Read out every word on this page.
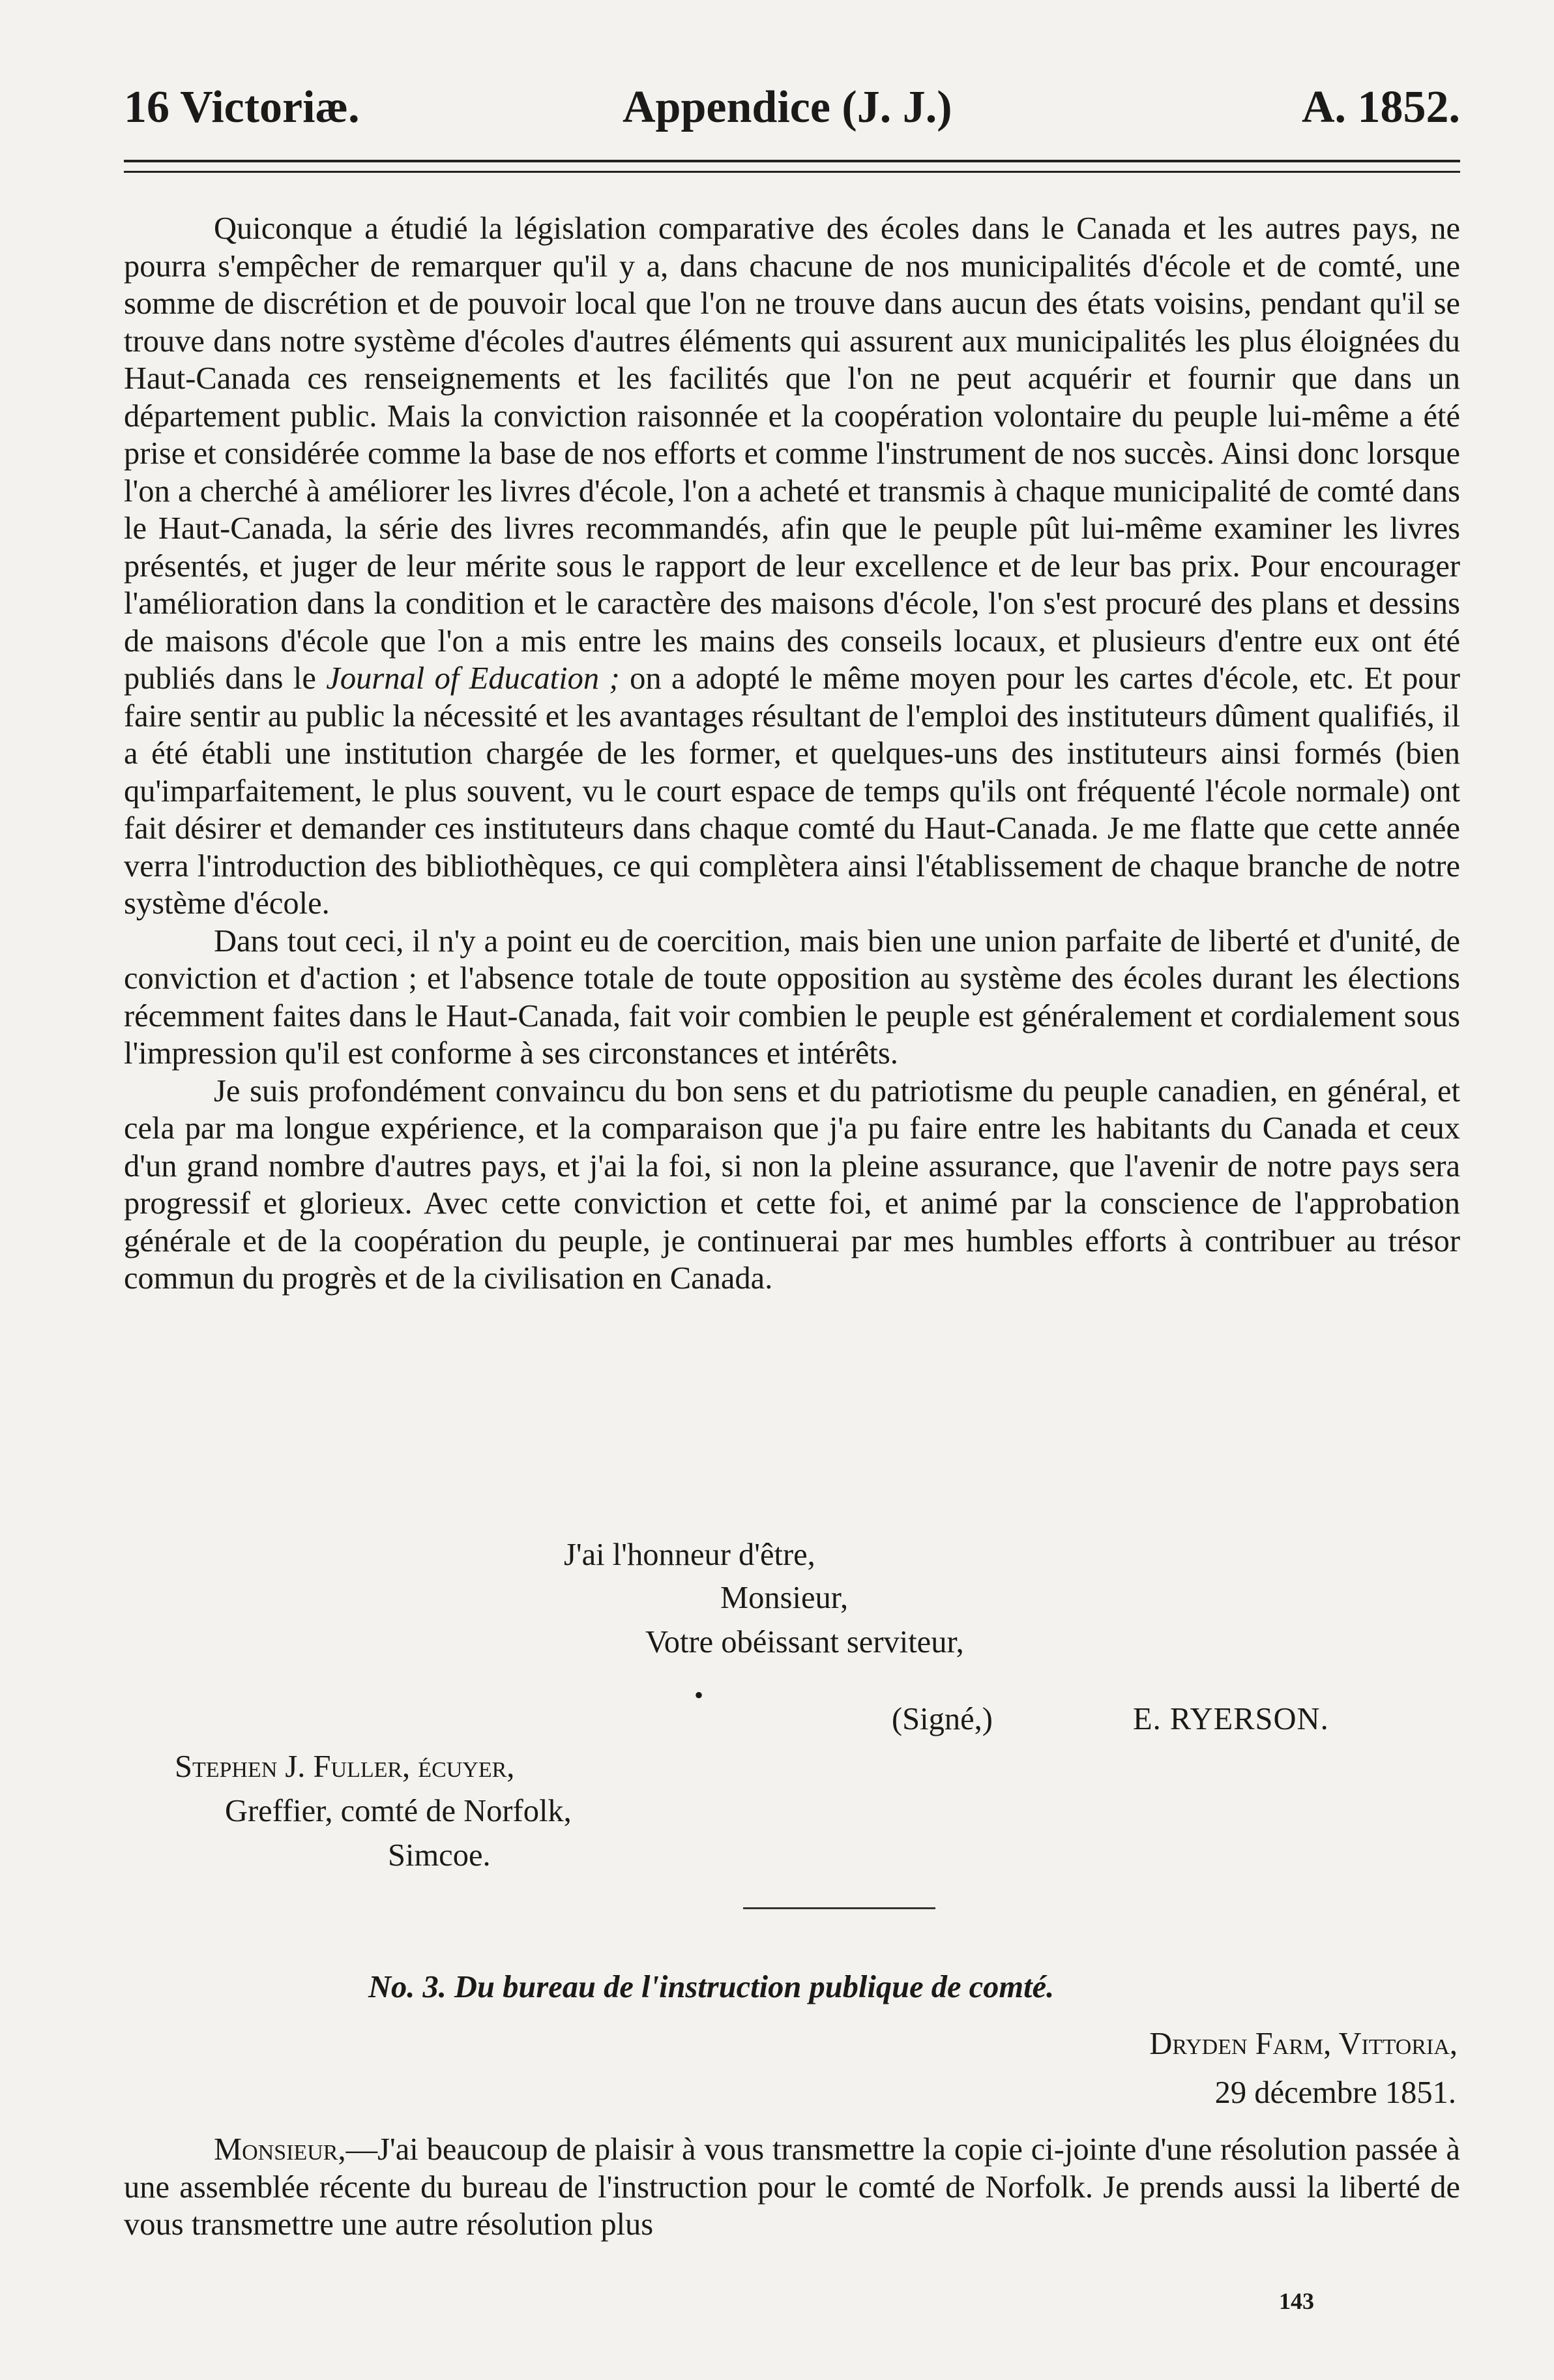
16 Victoriæ.	Appendice (J. J.)	A. 1852.

Quiconque a étudié la législation comparative des écoles dans le Canada et les autres pays, ne pourra s'empêcher de remarquer qu'il y a, dans chacune de nos municipalités d'école et de comté, une somme de discrétion et de pouvoir local que l'on ne trouve dans aucun des états voisins, pendant qu'il se trouve dans notre système d'écoles d'autres éléments qui assurent aux municipalités les plus éloignées du Haut-Canada ces renseignements et les facilités que l'on ne peut acquérir et fournir que dans un département public. Mais la conviction raisonnée et la coopération volontaire du peuple lui-même a été prise et considérée comme la base de nos efforts et comme l'instrument de nos succès. Ainsi donc lorsque l'on a cherché à améliorer les livres d'école, l'on a acheté et transmis à chaque municipalité de comté dans le Haut-Canada, la série des livres recommandés, afin que le peuple pût lui-même examiner les livres présentés, et juger de leur mérite sous le rapport de leur excellence et de leur bas prix. Pour encourager l'amélioration dans la condition et le caractère des maisons d'école, l'on s'est procuré des plans et dessins de maisons d'école que l'on a mis entre les mains des conseils locaux, et plusieurs d'entre eux ont été publiés dans le Journal of Education ; on a adopté le même moyen pour les cartes d'école, etc. Et pour faire sentir au public la nécessité et les avantages résultant de l'emploi des instituteurs dûment qualifiés, il a été établi une institution chargée de les former, et quelques-uns des instituteurs ainsi formés (bien qu'imparfaitement, le plus souvent, vu le court espace de temps qu'ils ont fréquenté l'école normale) ont fait désirer et demander ces instituteurs dans chaque comté du Haut-Canada. Je me flatte que cette année verra l'introduction des bibliothèques, ce qui complètera ainsi l'établissement de chaque branche de notre système d'école.

Dans tout ceci, il n'y a point eu de coercition, mais bien une union parfaite de liberté et d'unité, de conviction et d'action ; et l'absence totale de toute opposition au système des écoles durant les élections récemment faites dans le Haut-Canada, fait voir combien le peuple est généralement et cordialement sous l'impression qu'il est conforme à ses circonstances et intérêts.

Je suis profondément convaincu du bon sens et du patriotisme du peuple canadien, en général, et cela par ma longue expérience, et la comparaison que j'a pu faire entre les habitants du Canada et ceux d'un grand nombre d'autres pays, et j'ai la foi, si non la pleine assurance, que l'avenir de notre pays sera progressif et glorieux. Avec cette conviction et cette foi, et animé par la conscience de l'approbation générale et de la coopération du peuple, je continuerai par mes humbles efforts à contribuer au trésor commun du progrès et de la civilisation en Canada.

J'ai l'honneur d'être,
Monsieur,
Votre obéissant serviteur,
•
(Signé,)	E. RYERSON.
Stephen J. Fuller, écuyer,
Greffier, comté de Norfolk,
Simcoe.
No. 3. Du bureau de l'instruction publique de comté.
Dryden Farm, Vittoria,
29 décembre 1851.

Monsieur,—J'ai beaucoup de plaisir à vous transmettre la copie ci-jointe d'une résolution passée à une assemblée récente du bureau de l'instruction pour le comté de Norfolk. Je prends aussi la liberté de vous transmettre une autre résolution plus

143
